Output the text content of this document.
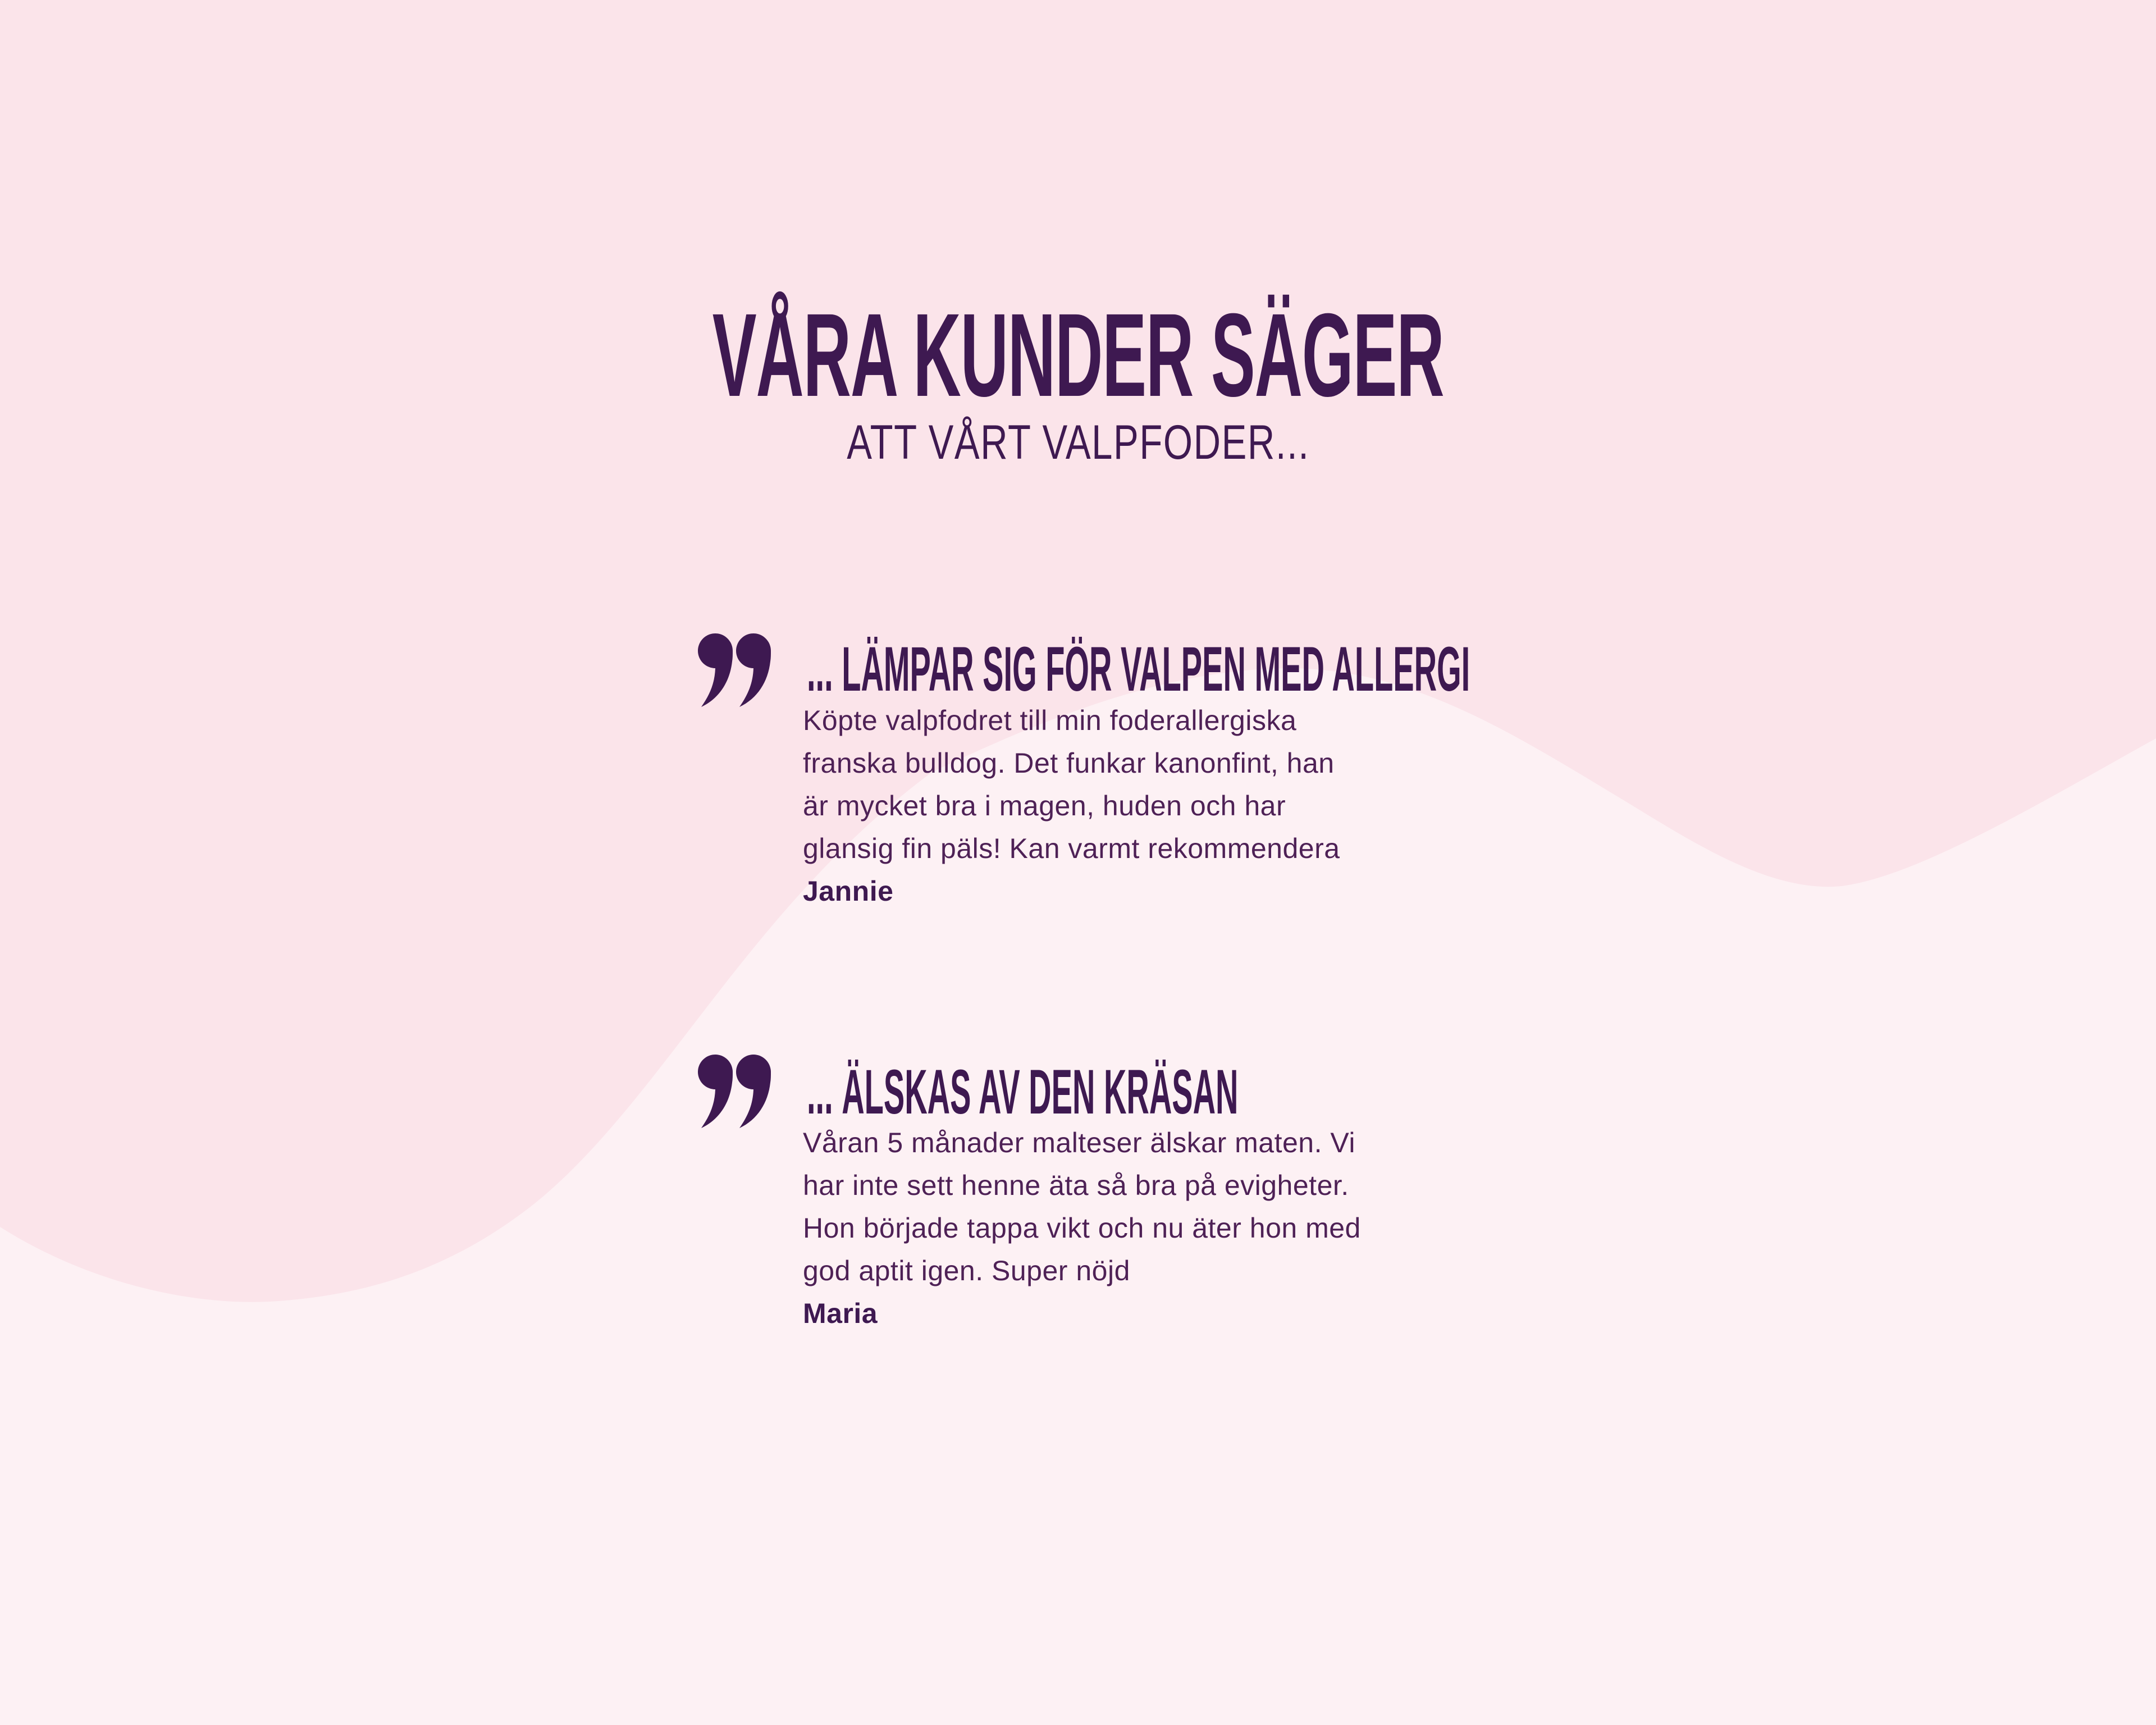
VÅRA KUNDER SÄGER
ATT VÅRT VALPFODER...
... LÄMPAR SIG FÖR VALPEN MED ALLERGI
Köpte valpfodret till min foderallergiska
franska bulldog. Det funkar kanonfint, han
är mycket bra i magen, huden och har
glansig fin päls! Kan varmt rekommendera
Jannie
... ÄLSKAS AV DEN KRÄSAN
Våran 5 månader malteser älskar maten. Vi
har inte sett henne äta så bra på evigheter.
Hon började tappa vikt och nu äter hon med
god aptit igen. Super nöjd
Maria
